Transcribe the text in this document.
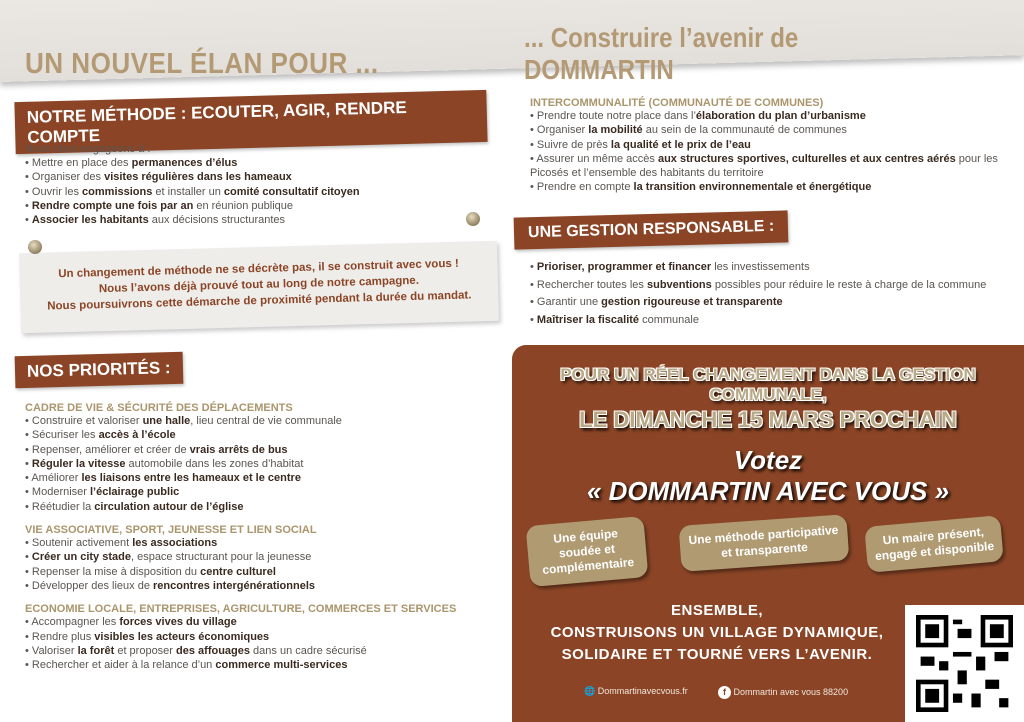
UN NOUVEL ÉLAN POUR ...
... Construire l’avenir de DOMMARTIN
NOTRE MÉTHODE : ECOUTER, AGIR, RENDRE COMPTE
Nous nous engageons à :
• Mettre en place des permanences d’élus
• Organiser des visites régulières dans les hameaux
• Ouvrir les commissions et installer un comité consultatif citoyen
• Rendre compte une fois par an en réunion publique
• Associer les habitants aux décisions structurantes
Un changement de méthode ne se décrète pas, il se construit avec vous !
Nous l’avons déjà prouvé tout au long de notre campagne.
Nous poursuivrons cette démarche de proximité pendant la durée du mandat.
NOS PRIORITÉS :
CADRE DE VIE & SÉCURITÉ DES DÉPLACEMENTS
• Construire et valoriser une halle, lieu central de vie communale
• Sécuriser les accès à l’école
• Repenser, améliorer et créer de vrais arrêts de bus
• Réguler la vitesse automobile dans les zones d’habitat
• Améliorer les liaisons entre les hameaux et le centre
• Moderniser l’éclairage public
• Réétudier la circulation autour de l’église
VIE ASSOCIATIVE, SPORT, JEUNESSE ET LIEN SOCIAL
• Soutenir activement les associations
• Créer un city stade, espace structurant pour la jeunesse
• Repenser la mise à disposition du centre culturel
• Développer des lieux de rencontres intergénérationnels
ECONOMIE LOCALE, ENTREPRISES, AGRICULTURE, COMMERCES ET SERVICES
• Accompagner les forces vives du village
• Rendre plus visibles les acteurs économiques
• Valoriser la forêt et proposer des affouages dans un cadre sécurisé
• Rechercher et aider à la relance d’un commerce multi-services
INTERCOMMUNALITÉ (COMMUNAUTÉ DE COMMUNES)
• Prendre toute notre place dans l’élaboration du plan d’urbanisme
• Organiser la mobilité au sein de la communauté de communes
• Suivre de près la qualité et le prix de l’eau
• Assurer un même accès aux structures sportives, culturelles et aux centres aérés pour les Picosés et l’ensemble des habitants du territoire
• Prendre en compte la transition environnementale et énergétique
UNE GESTION RESPONSABLE :
• Prioriser, programmer et financer les investissements
• Rechercher toutes les subventions possibles pour réduire le reste à charge de la commune
• Garantir une gestion rigoureuse et transparente
• Maîtriser la fiscalité communale
POUR UN RÉEL CHANGEMENT DANS LA GESTION COMMUNALE,
LE DIMANCHE 15 MARS PROCHAIN
Votez
« DOMMARTIN AVEC VOUS »
Une équipe soudée et complémentaire
Une méthode participative et transparente
Un maire présent, engagé et disponible
ENSEMBLE,
CONSTRUISONS UN VILLAGE DYNAMIQUE,
SOLIDAIRE ET TOURNÉ VERS L’AVENIR.
🌐 Dommartinavecvous.fr	f Dommartin avec vous 88200
